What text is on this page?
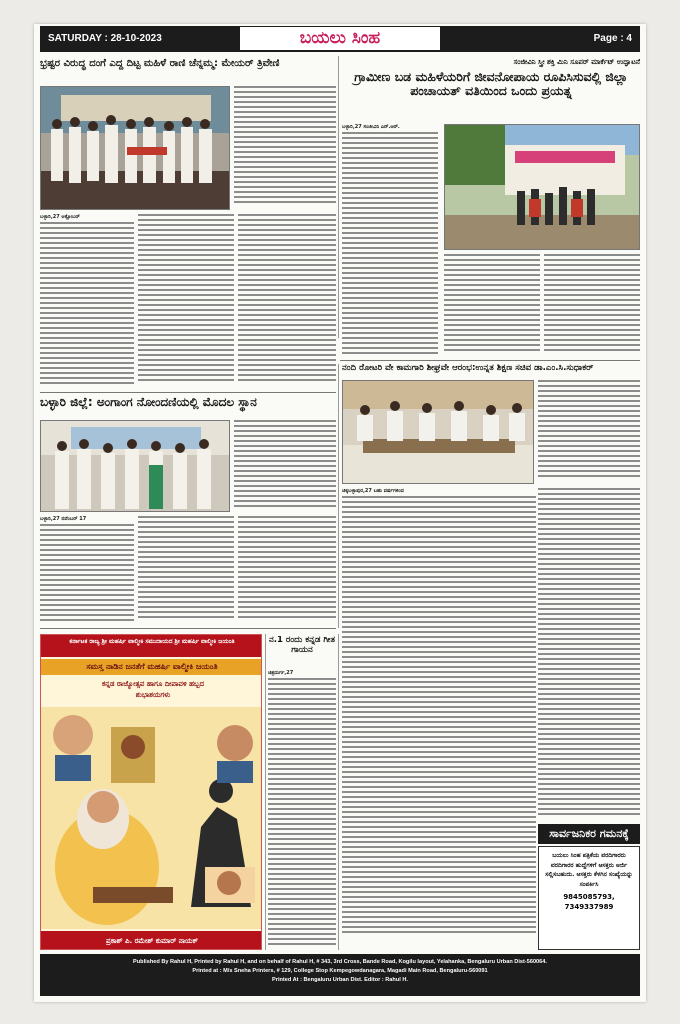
SATURDAY : 28-10-2023	ಬಯಲು ಸಿಂಹ	Page : 4
ಭ್ರಷ್ಟರ ವಿರುದ್ಧ ದಂಗೆ ಎದ್ದ ದಿಟ್ಟ ಮಹಿಳೆ ರಾಣಿ ಚೆನ್ನಮ್ಮ: ಮೇಯರ್ ತ್ರಿವೇಣಿ
ಬಳ್ಳಾರಿ,27 ಅಕ್ಟೋಬರ್
ಸಂಜೀವಿನಿ ಸ್ತ್ರೀ ಶಕ್ತಿ ಮಿನಿ ಸೂಪರ್ ಮಾರ್ಕೆಟ್ ಉದ್ಘಾಟನೆ
ಗ್ರಾಮೀಣ ಬಡ ಮಹಿಳೆಯರಿಗೆ ಜೀವನೋಪಾಯ ರೂಪಿಸಿಸುವಲ್ಲಿ ಜಿಲ್ಲಾ ಪಂಚಾಯತ್ ವತಿಯಿಂದ ಒಂದು ಪ್ರಯತ್ನ
ಬಳ್ಳಾರಿ,27 ಸಂಜೀವಿನಿ ಎನ್.ಆರ್.
ಬಳ್ಳಾರಿ ಜಿಲ್ಲೆ: ಅಂಗಾಂಗ ನೋಂದಣಿಯಲ್ಲಿ ಮೊದಲ ಸ್ಥಾನ
ಬಳ್ಳಾರಿ,27 ನವೆಂಬರ್ 17
ನಂದಿ ರೋಟರಿ ವೇ ಕಾಮಗಾರಿ ಶೀಘ್ರವೇ ಆರಂಭ:ಉನ್ನತ ಶಿಕ್ಷಣ ಸಚಿವ ಡಾ.ಎಂ.ಸಿ.ಸುಧಾಕರ್
ಚಿಕ್ಕಬಳ್ಳಾಪುರ,27 ಬಹು ವರ್ಷಗಳಿಂದ
ಸಾರ್ವಜನಿಕರ ಗಮನಕ್ಕೆ
ಬಯಲು ಸಿಂಹ ಪತ್ರಿಕೆಯ ವರದಿಗಾರರು ವರದಿಗಾರರ ಹುದ್ದೆಗಳಿಗೆ ಆಸಕ್ತರು ಅರ್ಜಿ ಸಲ್ಲಿಸಬಹುದು. ಆಸಕ್ತರು ಕೆಳಗಿನ ಸಂಖ್ಯೆಯನ್ನು ಸಂಪರ್ಕಿಸಿ
9845085793, 7349337989
ಕರ್ನಾಟಕ ರಾಜ್ಯ ಶ್ರೀ ಮಹರ್ಷಿ ವಾಲ್ಮೀಕಿ ಸಮುದಾಯದ ಶ್ರೀ ಮಹರ್ಷಿ ವಾಲ್ಮೀಕಿ ಜಯಂತಿ
ಸಮಸ್ತ ನಾಡಿನ ಜನತೆಗೆ ಮಹರ್ಷಿ ವಾಲ್ಮೀಕಿ ಜಯಂತಿ
ಕನ್ನಡ ರಾಜ್ಯೋತ್ಸವ ಹಾಗೂ ದೀಪಾವಳಿ ಹಬ್ಬದ ಶುಭಾಶಯಗಳು
ಪ್ರಕಾಶ್ ಪಿ. ರಮೇಶ್ ಕುಮಾರ್ ನಾಯಕ್
ನ.1 ರಂದು ಕನ್ನಡ ಗೀತ ಗಾಯನ
ಚಿತ್ರದುರ್ಗ,27
Published By Rahul H, Printed by Rahul H, and on behalf of Rahul H, # 343, 3rd Cross, Bande Road, Kogilu layout, Yelahanka, Bengaluru Urban Dist-560064.
Printed at : M/s Sneha Printers, # 129, College Stop Kempegowdanagara, Magadi Main Road, Bengaluru-560091
Printed At : Bengaluru Urban Dist. Editor : Rahul H.
